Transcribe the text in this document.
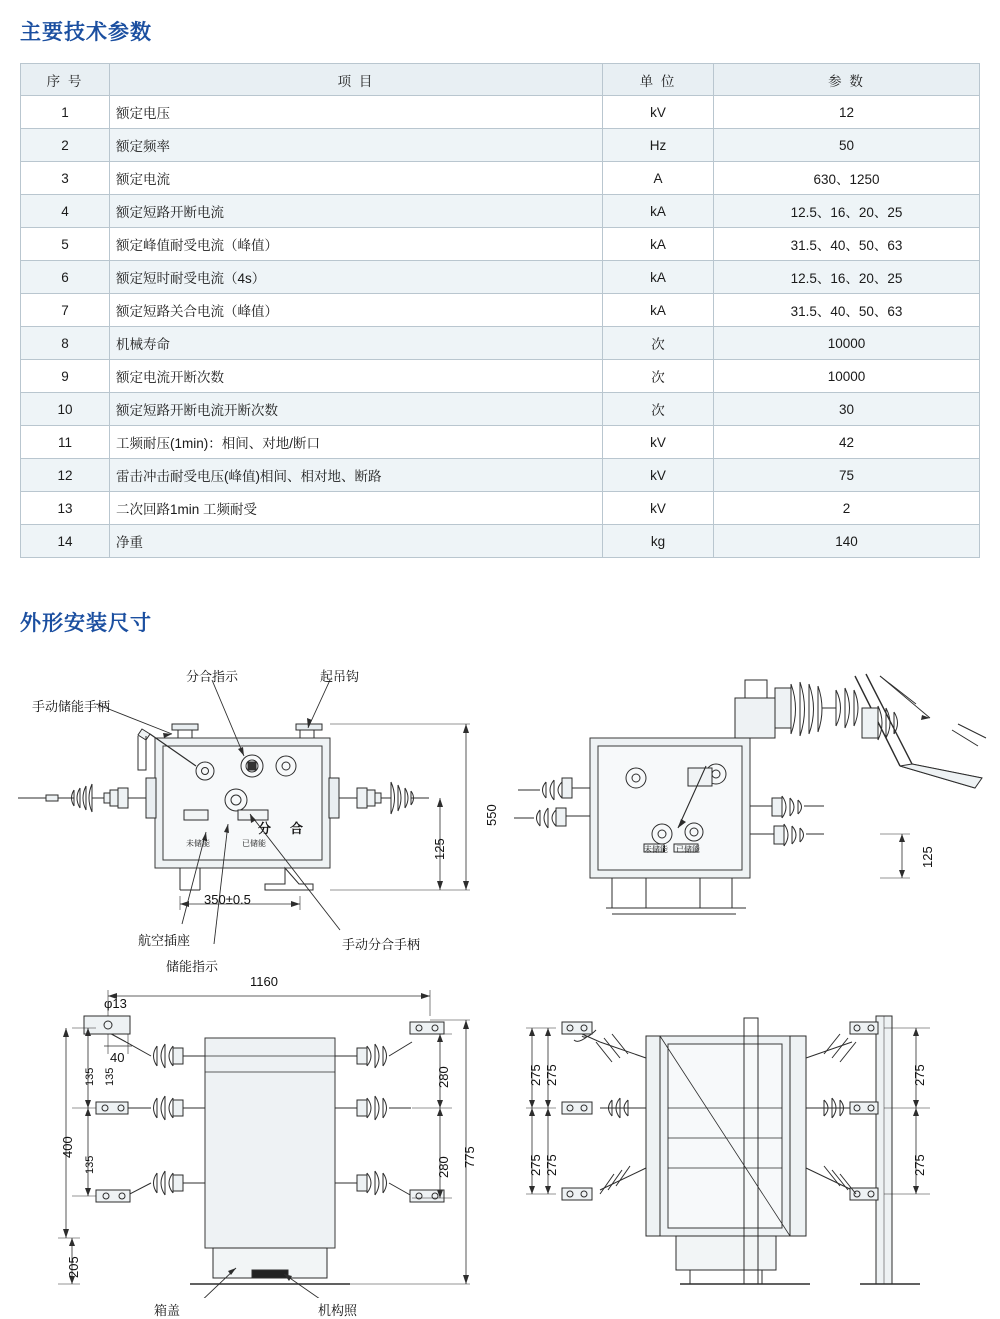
主要技术参数
序 号	项 目	单 位	参 数
1	额定电压	kV	12
2	额定频率	Hz	50
3	额定电流	A	630、1250
4	额定短路开断电流	kA	12.5、16、20、25
5	额定峰值耐受电流（峰值）	kA	31.5、40、50、63
6	额定短时耐受电流（4s）	kA	12.5、16、20、25
7	额定短路关合电流（峰值）	kA	31.5、40、50、63
8	机械寿命	次	10000
9	额定电流开断次数	次	10000
10	额定短路开断电流开断次数	次	30
11	工频耐压(1min)：相间、对地/断口	kV	42
12	雷击冲击耐受电压(峰值)相间、相对地、断路	kV	75
13	二次回路1min 工频耐受	kV	2
14	净重	kg	140
外形安装尺寸
手动储能手柄
分合指示	起吊钩
航空插座
储能指示
手动分合手柄
分 合
未储能	已储能
550
125
350±0.5
125
未储能 已储能
1160
φ13
40
135
135
135
400
205
280
280 775
箱盖	机构照
275
275
275
275
275
275
